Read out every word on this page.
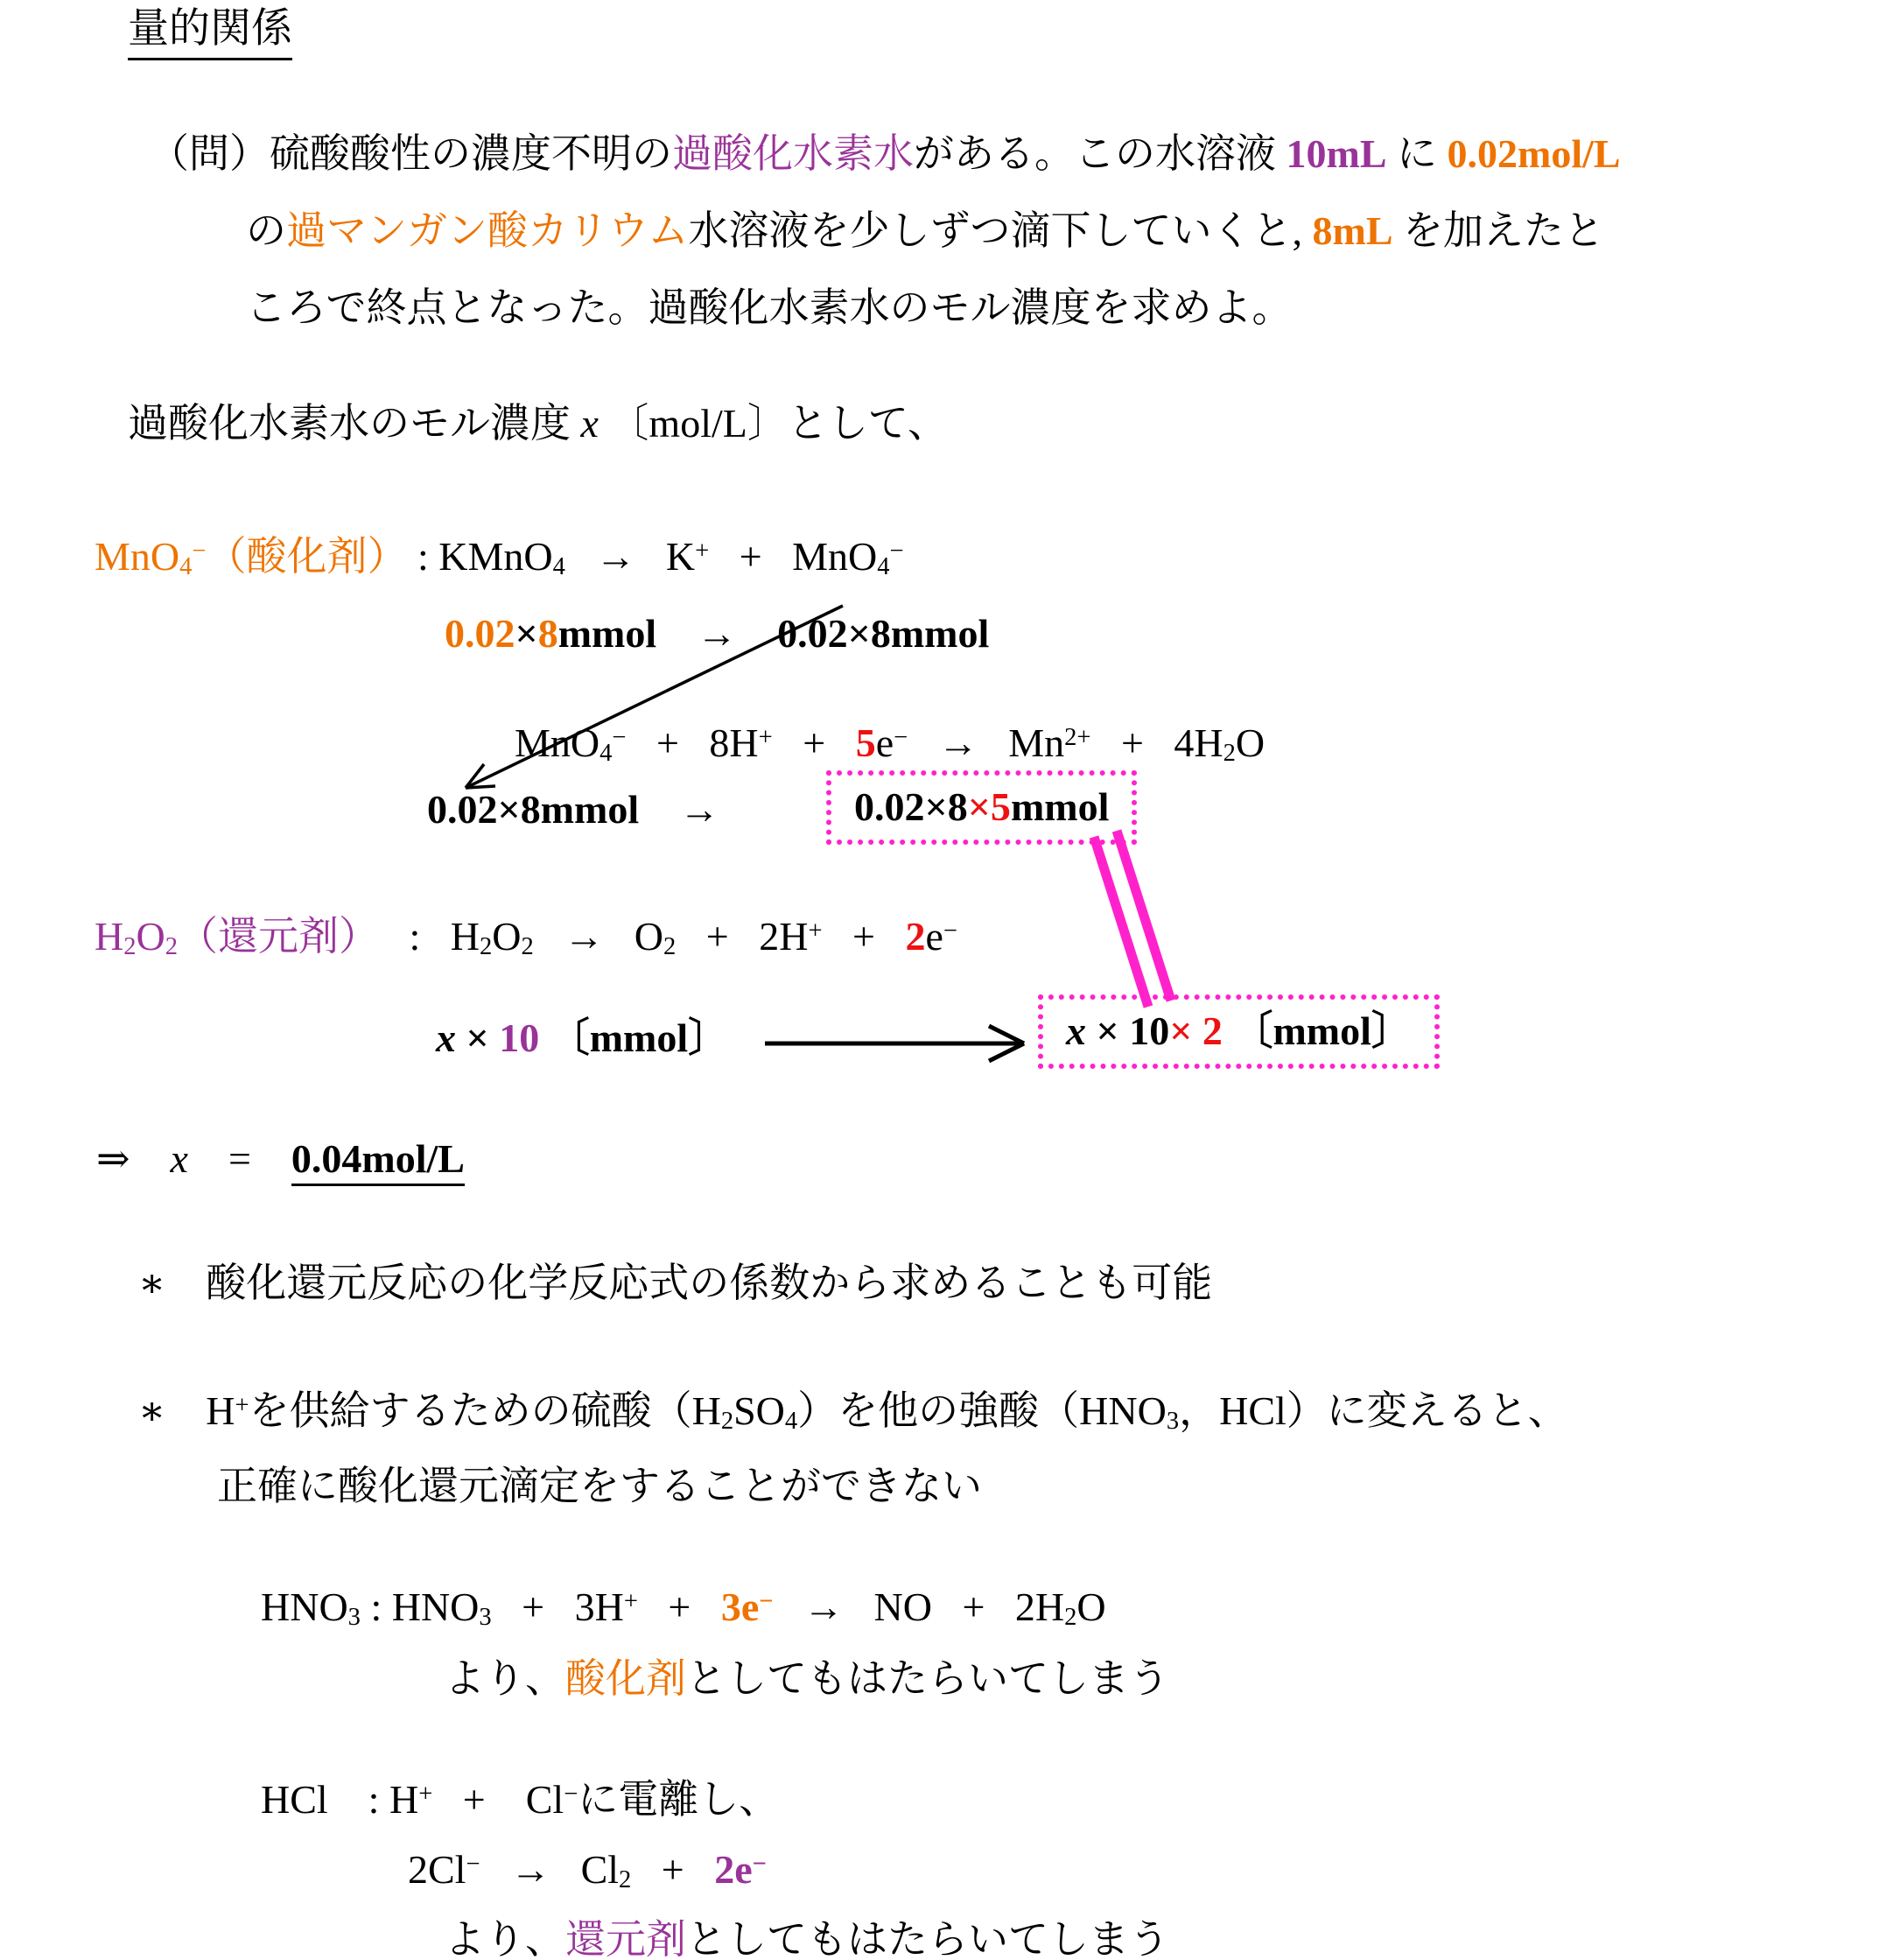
量的関係
（問）硫酸酸性の濃度不明の過酸化水素水がある。この水溶液 10mL に 0.02mol/L
の過マンガン酸カリウム水溶液を少しずつ滴下していくと, 8mL を加えたと
ころで終点となった。過酸化水素水のモル濃度を求めよ。
過酸化水素水のモル濃度 x 〔mol/L〕として、
MnO$_4$−（酸化剤） : KMnO$_4$   →   K+   +   MnO$_4$−
0.02×8mmol    →    0.02×8mmol
$MnO_4^- + 8H^+ + 5e^- \to Mn^{2+} + 4H_2O$
0.02×8mmol    →	0.02×8×5mmol
$H_2O_2$（還元剤）   :   $H_2O_2 \to O_2 + 2H^+ + 2e^-$
x × 10 〔mmol〕	x × 10× 2 〔mmol〕
⇒ x    =    0.04mol/L
∗    酸化還元反応の化学反応式の係数から求めることも可能
∗    H+を供給するための硫酸$(H_2SO_4)$を他の強酸（$HNO_3$，HCl）に変えると、
正確に酸化還元滴定をすることができない
$HNO_3$ : $HNO_3 + 3H^+ + 3e^-$   →   NO   +   $2H_2O$
より、酸化剤としてもはたらいてしまう
HCl    : H+   +    Cl−に電離し、
$2Cl^- \to Cl_2 + 2e^-$
より、還元剤としてもはたらいてしまう
